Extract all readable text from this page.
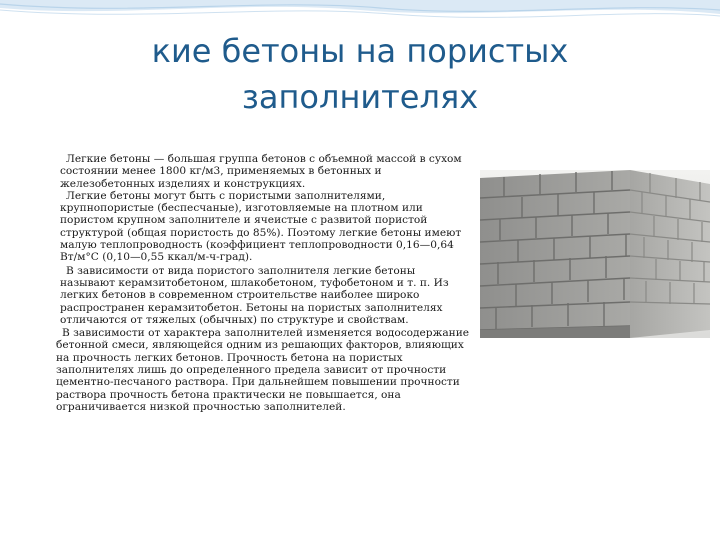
кие бетоны на пористых
заполнителях

Легкие бетоны — большая группа бетонов с объемной массой в сухом состоянии менее 1800 кг/м3, применяемых в бетонных и железобетонных изделиях и конструкциях.

Легкие бетоны могут быть с пористыми заполнителями, крупнопористые (беспесчаные), изготовляемые на плотном или пористом крупном заполнителе и ячеистые с развитой пористой структурой (общая пористость до 85%). Поэтому легкие бетоны имеют малую теплопроводность (коэффициент теплопроводности 0,16—0,64 Вт/м°С (0,10—0,55 ккал/м-ч-град).

В зависимости от вида пористого заполнителя легкие бетоны называют керамзитобетоном, шлакобетоном, туфобетоном и т. п. Из легких бетонов в современном строительстве наиболее широко распространен керамзитобетон. Бетоны на пористых заполнителях отличаются от тяжелых (обычных) по структуре и свойствам.

В зависимости от характера заполнителей изменяется водосодержание бетонной смеси, являющейся одним из решающих факторов, влияющих на прочность легких бетонов. Прочность бетона на пористых заполнителях лишь до определенного предела зависит от прочности цементно-песчаного раствора. При дальнейшем повышении прочности раствора прочность бетона практически не повышается, она ограничивается низкой прочностью заполнителей.
